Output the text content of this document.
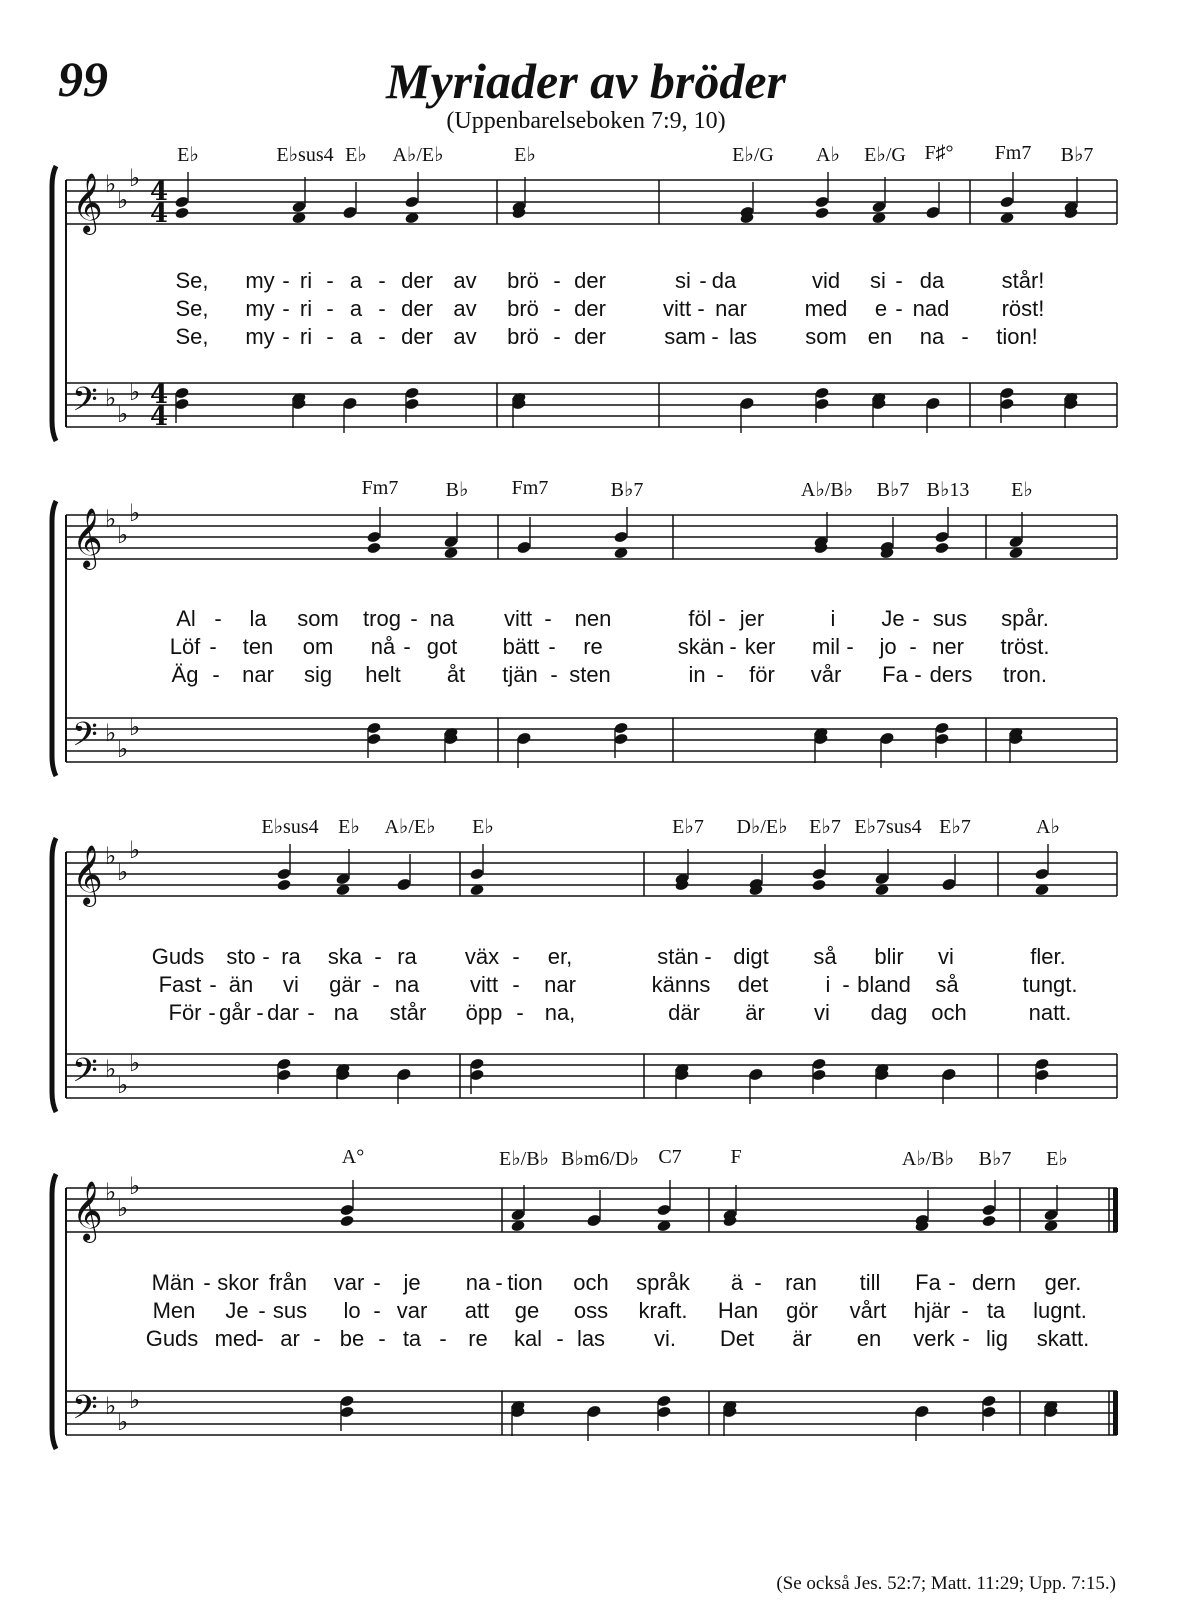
99	Myriader av bröder
(Uppenbarelseboken 7:9, 10)
𝄞
𝄢
♭
♭
♭
♭
♭
♭
4
4
4
4
𝄞
𝄢
♭
♭
♭
♭
♭
♭
𝄞
𝄢
♭
♭
♭
♭
♭
♭
𝄞
𝄢
♭
♭
♭
♭
♭
♭
E♭	E♭sus4 E♭ A♭/E♭	E♭	E♭/G A♭ E♭/G F♯° Fm7 B♭7
Se, my - ri - a - der av brö - der	si - da	vid si - da	står!
Se, my - ri - a - der av brö - der	vitt - nar	med e - nad röst!
Se, my - ri - a - der av brö - der	sam - las som en na - tion!
Fm7 B♭ Fm7	B♭7	A♭/B♭ B♭7 B♭13 E♭
Al - la som trog - na vitt - nen	föl - jer	i Je - sus spår.
Löf - ten om nå - got bätt - re	skän - ker mil - jo - ner tröst.
Äg - nar sig helt åt tjän - sten	in - för vår Fa - ders tron.
E♭sus4 E♭ A♭/E♭ E♭	E♭7 D♭/E♭ E♭7 E♭7sus4 E♭7	A♭
Guds sto - ra ska - ra väx - er,	stän - digt så blir vi	fler.
Fast - än vi gär - na vitt - nar	känns det	i - bland så	tungt.
För - går - dar - na står öpp - na,	där är vi dag och	natt.
A°	E♭/B♭ B♭m6/D♭ C7 F	A♭/B♭ B♭7 E♭
Män - skor från var - je na - tion och språk ä - ran till Fa - dern ger.
Men Je - sus lo - var att ge oss kraft. Han gör vårt hjär - ta lugnt.
Guds med
- ar - be - ta - re kal - las vi. Det är en verk - lig skatt.
(Se också Jes. 52:7; Matt. 11:29; Upp. 7:15.)
